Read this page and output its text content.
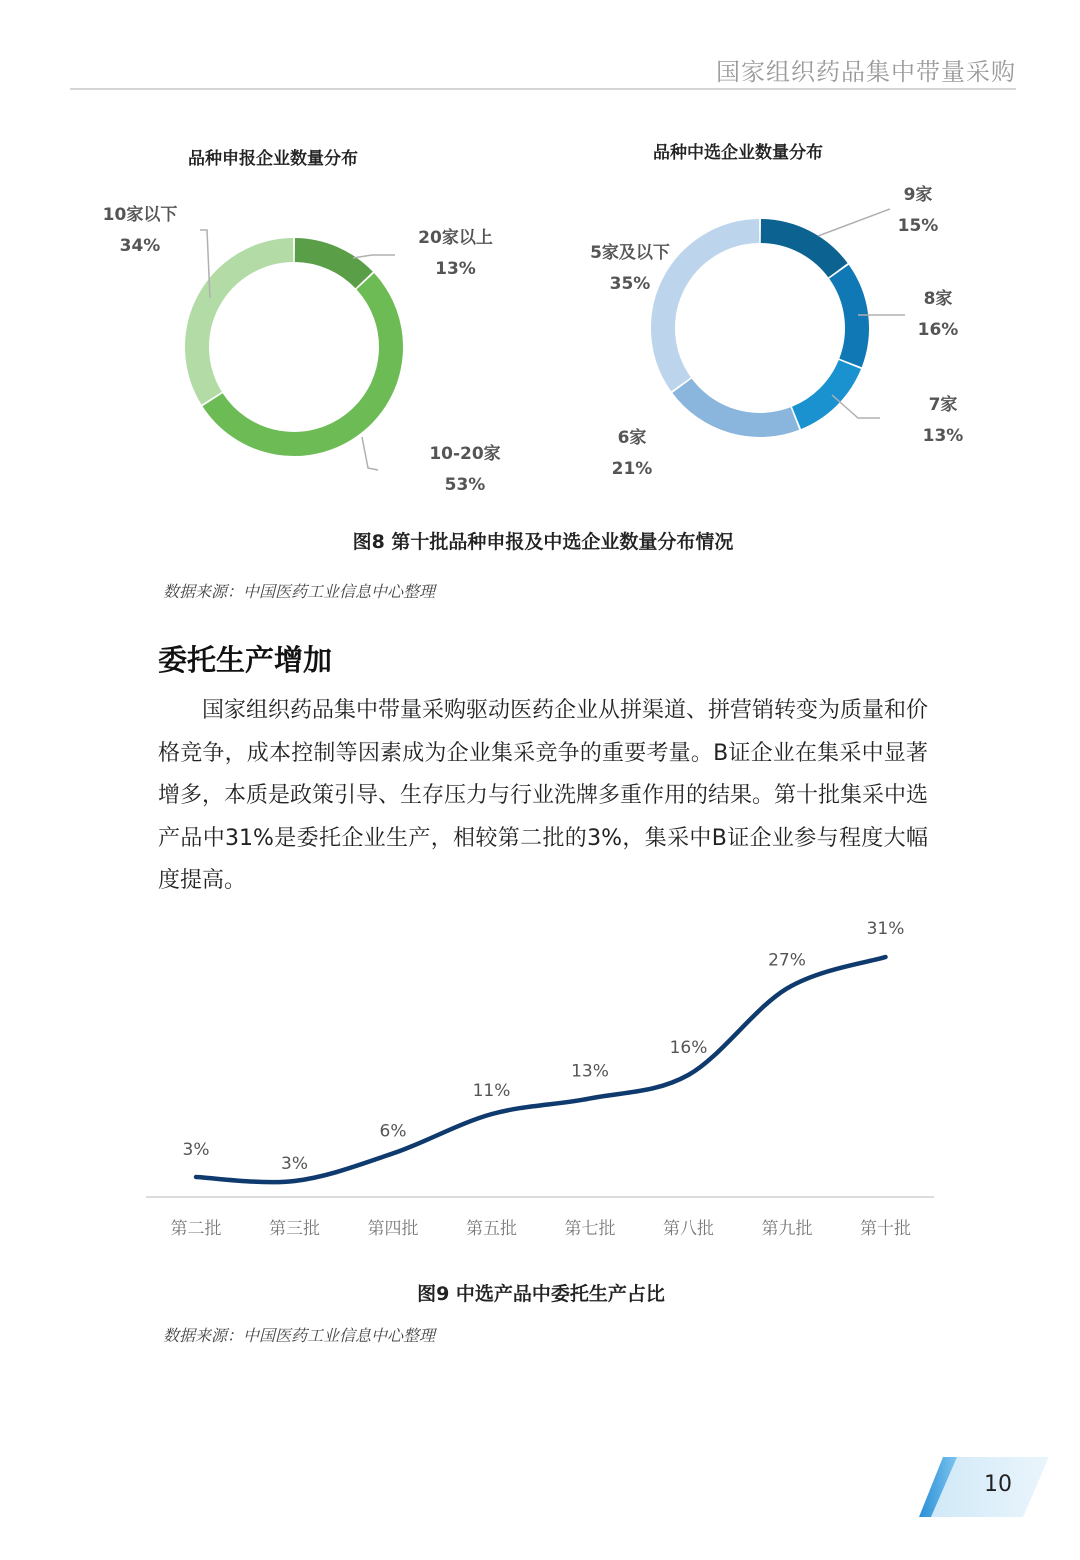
国家组织药品集中带量采购
品种申报企业数量分布	品种中选企业数量分布
10家以下
34%	20家以上
13%
10-20家
53%
5家及以下
35%
9家
15%
8家
16%
7家
13%
6家
21%
图8 第十批品种申报及中选企业数量分布情况
数据来源：中国医药工业信息中心整理
委托生产增加
国家组织药品集中带量采购驱动医药企业从拼渠道、拼营销转变为质量和价格竞争，成本控制等因素成为企业集采竞争的重要考量。B证企业在集采中显著增多，本质是政策引导、生存压力与行业洗牌多重作用的结果。第十批集采中选产品中31%是委托企业生产，相较第二批的3%，集采中B证企业参与程度大幅度提高。
3%
3%
6%
11%
13%
16%
27%
31%
第二批	第三批	第四批	第五批	第七批	第八批	第九批	第十批
图9 中选产品中委托生产占比
数据来源：中国医药工业信息中心整理
10
